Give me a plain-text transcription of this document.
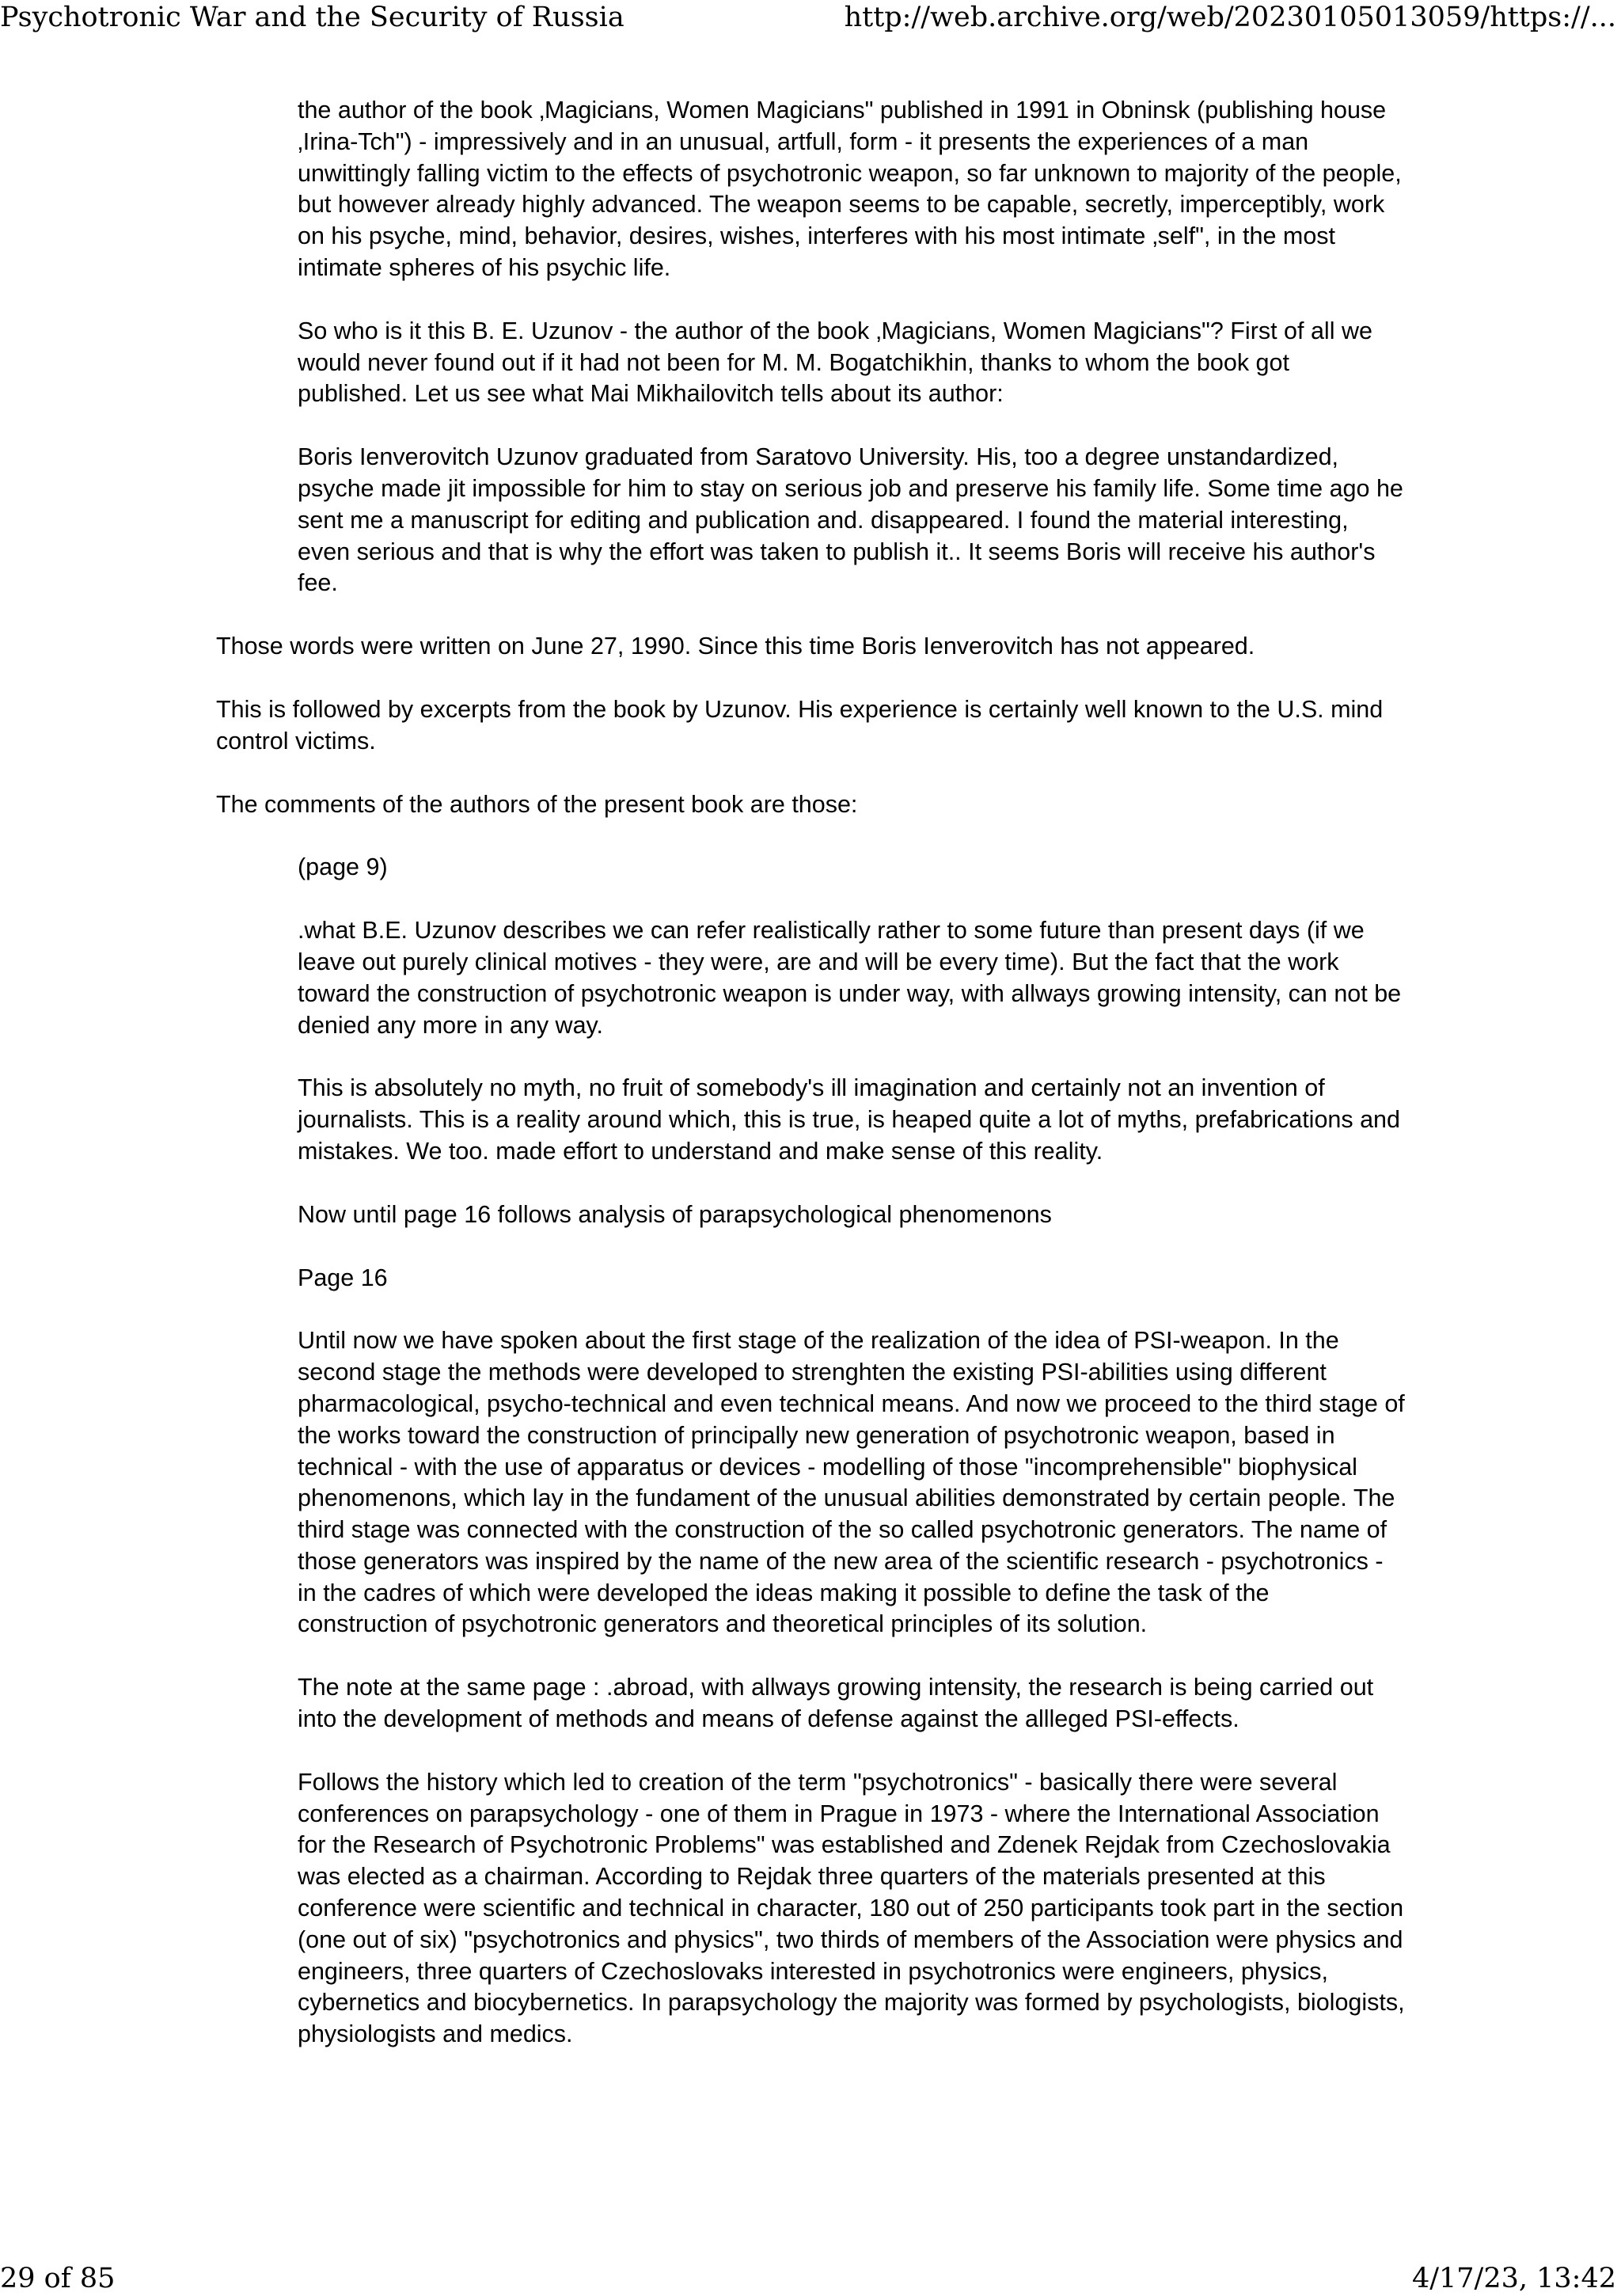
Psychotronic War and the Security of Russia	http://web.archive.org/web/20230105013059/https://...

the author of the book ‚Magicians, Women Magicians" published in 1991 in Obninsk (publishing house ‚Irina-Tch") - impressively and in an unusual, artfull, form - it presents the experiences of a man unwittingly falling victim to the effects of psychotronic weapon, so far unknown to majority of the people, but however already highly advanced. The weapon seems to be capable, secretly, imperceptibly, work on his psyche, mind, behavior, desires, wishes, interferes with his most intimate ‚self", in the most intimate spheres of his psychic life.

So who is it this B. E. Uzunov - the author of the book ‚Magicians, Women Magicians"? First of all we would never found out if it had not been for M. M. Bogatchikhin, thanks to whom the book got published. Let us see what Mai Mikhailovitch tells about its author:

Boris Ienverovitch Uzunov graduated from Saratovo University. His, too a degree unstandardized, psyche made jit impossible for him to stay on serious job and preserve his family life. Some time ago he sent me a manuscript for editing and publication and. disappeared. I found the material interesting, even serious and that is why the effort was taken to publish it.. It seems Boris will receive his author's fee.

Those words were written on June 27, 1990. Since this time Boris Ienverovitch has not appeared.

This is followed by excerpts from the book by Uzunov. His experience is certainly well known to the U.S. mind control victims.

The comments of the authors of the present book are those:

(page 9)

.what B.E. Uzunov describes we can refer realistically rather to some future than present days (if we leave out purely clinical motives - they were, are and will be every time). But the fact that the work toward the construction of psychotronic weapon is under way, with allways growing intensity, can not be denied any more in any way.

This is absolutely no myth, no fruit of somebody's ill imagination and certainly not an invention of journalists. This is a reality around which, this is true, is heaped quite a lot of myths, prefabrications and mistakes. We too. made effort to understand and make sense of this reality.

Now until page 16 follows analysis of parapsychological phenomenons

Page 16

Until now we have spoken about the first stage of the realization of the idea of PSI-weapon. In the second stage the methods were developed to strenghten the existing PSI-abilities using different pharmacological, psycho-technical and even technical means. And now we proceed to the third stage of the works toward the construction of principally new generation of psychotronic weapon, based in technical - with the use of apparatus or devices - modelling of those "incomprehensible" biophysical phenomenons, which lay in the fundament of the unusual abilities demonstrated by certain people. The third stage was connected with the construction of the so called psychotronic generators. The name of those generators was inspired by the name of the new area of the scientific research - psychotronics - in the cadres of which were developed the ideas making it possible to define the task of the construction of psychotronic generators and theoretical principles of its solution.

The note at the same page : .abroad, with allways growing intensity, the research is being carried out into the development of methods and means of defense against the allleged PSI-effects.

Follows the history which led to creation of the term "psychotronics" - basically there were several conferences on parapsychology - one of them in Prague in 1973 - where the International Association for the Research of Psychotronic Problems" was established and Zdenek Rejdak from Czechoslovakia was elected as a chairman. According to Rejdak three quarters of the materials presented at this conference were scientific and technical in character, 180 out of 250 participants took part in the section (one out of six) "psychotronics and physics", two thirds of members of the Association were physics and engineers, three quarters of Czechoslovaks interested in psychotronics were engineers, physics, cybernetics and biocybernetics. In parapsychology the majority was formed by psychologists, biologists, physiologists and medics.

29 of 85	4/17/23, 13:42
